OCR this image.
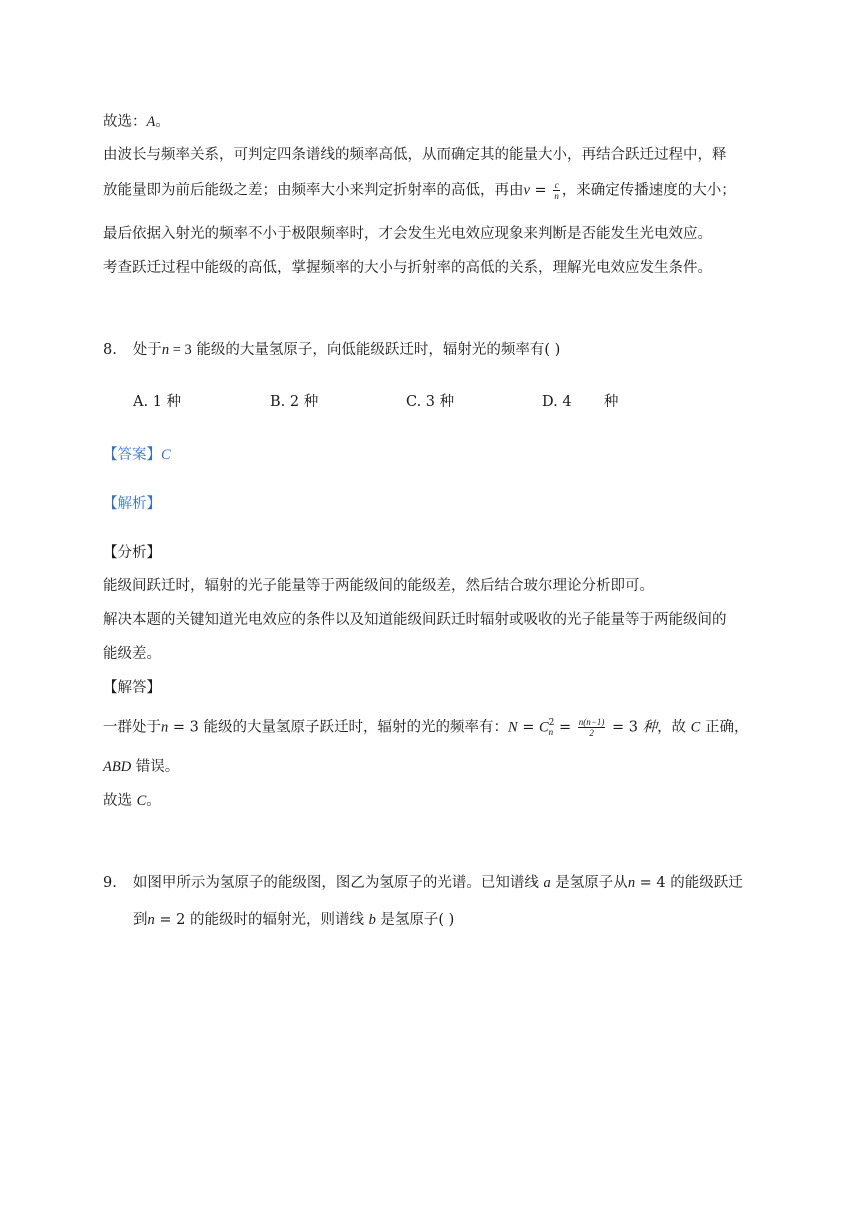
故选：A。
由波长与频率关系，可判定四条谱线的频率高低，从而确定其的能量大小，再结合跃迁过程中，释
放能量即为前后能级之差；由频率大小来判定折射率的高低，再由$v = \frac{c}{n}$ ，来确定传播速度的大小；
最后依据入射光的频率不小于极限频率时，才会发生光电效应现象来判断是否能发生光电效应。
考查跃迁过程中能级的高低，掌握频率的大小与折射率的高低的关系，理解光电效应发生条件。
8. 处于n = 3 能级的大量氢原子，向低能级跃迁时，辐射光的频率有( )
A. 1 种	B. 2 种	C. 3 种	D. 4       种
【答案】C
【解析】
【分析】
能级间跃迁时，辐射的光子能量等于两能级间的能级差，然后结合玻尔理论分析即可。
解决本题的关键知道光电效应的条件以及知道能级间跃迁时辐射或吸收的光子能量等于两能级间的
能级差。
【解答】
一群处于n = 3 能级的大量氢原子跃迁时，辐射的光的频率有：N = C 2
$n = \frac{n(n-1)}{2} = 3$ 种，故 C 正确，
ABD 错误。
故选 C。
9. 如图甲所示为氢原子的能级图，图乙为氢原子的光谱。已知谱线 a 是氢原子从n = 4 的能级跃迁
到n = 2 的能级时的辐射光，则谱线 b 是氢原子( )
